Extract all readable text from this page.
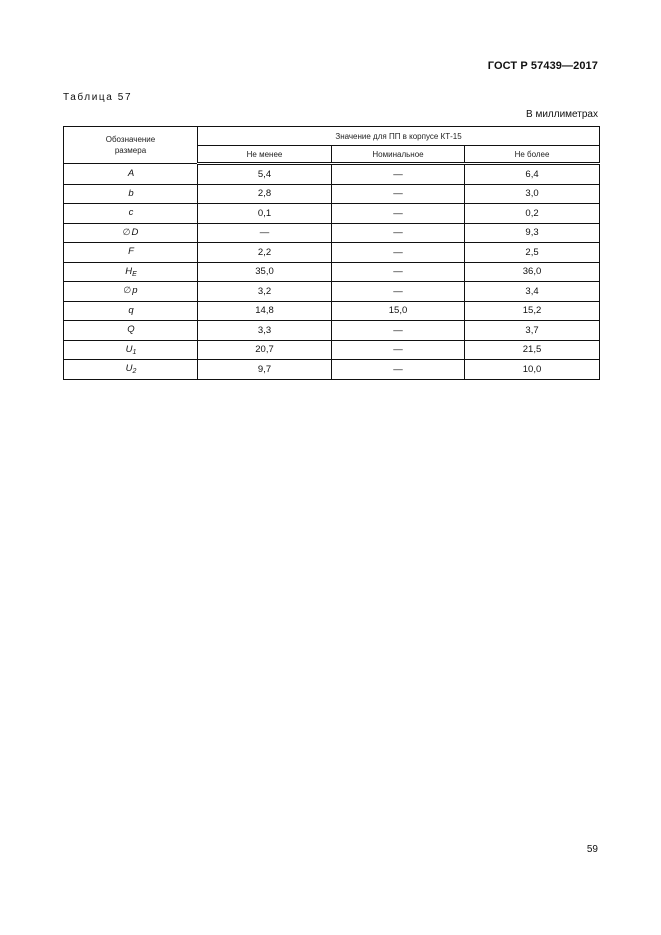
ГОСТ Р 57439—2017
Таблица 57
В миллиметрах
Обозначение
размера	Значение для ПП в корпусе КТ-15		
	Не менее	Номинальное	Не более
A	5,4	—	6,4
b	2,8	—	3,0
c	0,1	—	0,2
∅D	—	—	9,3
F	2,2	—	2,5
$H_E$	35,0	—	36,0
∅p	3,2	—	3,4
q	14,8	15,0	15,2
Q	3,3	—	3,7
$U_1$	20,7	—	21,5
$U_2$	9,7	—	10,0
59
